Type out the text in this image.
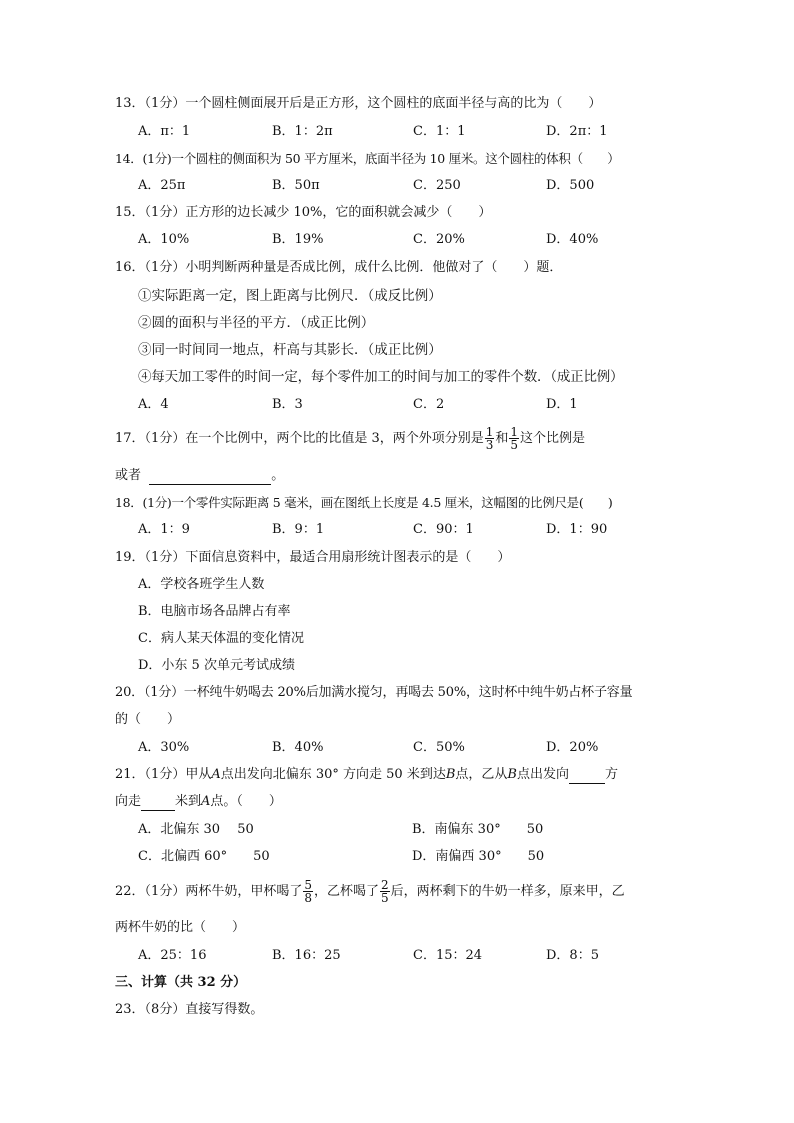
13．（1分）一个圆柱侧面展开后是正方形，这个圆柱的底面半径与高的比为（　　）
A．π：1	B．1：2π	C．1：1	D．2π：1
14．(1分)一个圆柱的侧面积为 50 平方厘米，底面半径为 10 厘米。这个圆柱的体积（　　）
A．25π	B．50π	C．250	D．500
15．（1分）正方形的边长减少 10%，它的面积就会减少（　　）
A．10%	B．19%	C．20%	D．40%
16．（1分）小明判断两种量是否成比例，成什么比例．他做对了（　　）题．
①实际距离一定，图上距离与比例尺．（成反比例）
②圆的面积与半径的平方．（成正比例）
③同一时间同一地点，杆高与其影长．（成正比例）
④每天加工零件的时间一定，每个零件加工的时间与加工的零件个数．（成正比例）
A．4	B．3	C．2	D．1
17．（1分）在一个比例中，两个比的比值是 3，两个外项分别是 $\frac{1}{3}$ 和 $\frac{1}{5}$ 这个比例是
或者	。
18．(1分)一个零件实际距离 5 毫米，画在图纸上长度是 4.5 厘米，这幅图的比例尺是(　　)
A．1：9	B．9：1	C．90：1	D．1：90
19．（1分）下面信息资料中，最适合用扇形统计图表示的是（　　）
A．学校各班学生人数
B．电脑市场各品牌占有率
C．病人某天体温的变化情况
D．小东 5 次单元考试成绩
20．（1分）一杯纯牛奶喝去 20%后加满水搅匀，再喝去 50%，这时杯中纯牛奶占杯子容量
的（　　）
A．30%	B．40%	C．50%	D．20%
21．（1分）甲从A点出发向北偏东 30° 方向走 50 米到达B点，乙从B点出发向	方
向走	米到A点。（　　）
A．北偏东 30　 50	B．南偏东 30°　　50
C．北偏西 60°　　50	D．南偏西 30°　　50
22．（1分）两杯牛奶，甲杯喝了 $\frac{5}{8}$ ，乙杯喝了 $\frac{2}{5}$ 后，两杯剩下的牛奶一样多，原来甲，乙
两杯牛奶的比（　　）
A．25：16	B．16：25	C．15：24	D．8：5
三、计算（共 32 分）
23．（8分）直接写得数。
